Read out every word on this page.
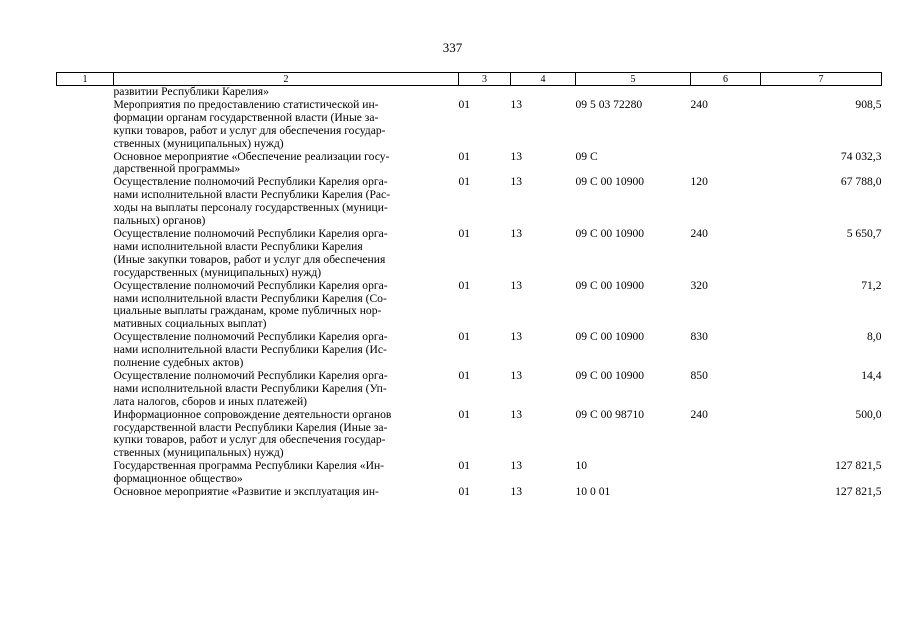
337
1	2	3	4	5	6	7
	развитии Республики Карелия»					

	Мероприятия по предоставлению статистической ин-
формации органам государственной власти (Иные за-
купки товаров, работ и услуг для обеспечения государ-
ственных (муниципальных) нужд)	01	13	09 5 03 72280	240	908,5

	Основное мероприятие «Обеспечение реализации госу-
дарственной программы»	01	13	09 С		74 032,3

	Осуществление полномочий Республики Карелия орга-
нами исполнительной власти Республики Карелия (Рас-
ходы на выплаты персоналу государственных (муници-
пальных) органов)	01	13	09 С 00 10900	120	67 788,0

	Осуществление полномочий Республики Карелия орга-
нами исполнительной власти Республики Карелия
(Иные закупки товаров, работ и услуг для обеспечения
государственных (муниципальных) нужд)	01	13	09 С 00 10900	240	5 650,7

	Осуществление полномочий Республики Карелия орга-
нами исполнительной власти Республики Карелия (Со-
циальные выплаты гражданам, кроме публичных нор-
мативных социальных выплат)	01	13	09 С 00 10900	320	71,2

	Осуществление полномочий Республики Карелия орга-
нами исполнительной власти Республики Карелия (Ис-
полнение судебных актов)	01	13	09 С 00 10900	830	8,0

	Осуществление полномочий Республики Карелия орга-
нами исполнительной власти Республики Карелия (Уп-
лата налогов, сборов и иных платежей)	01	13	09 С 00 10900	850	14,4

	Информационное сопровождение деятельности органов
государственной власти Республики Карелия (Иные за-
купки товаров, работ и услуг для обеспечения государ-
ственных (муниципальных) нужд)	01	13	09 С 00 98710	240	500,0

	Государственная программа Республики Карелия «Ин-
формационное общество»	01	13	10		127 821,5

	Основное мероприятие «Развитие и эксплуатация ин-	01	13	10 0 01		127 821,5
